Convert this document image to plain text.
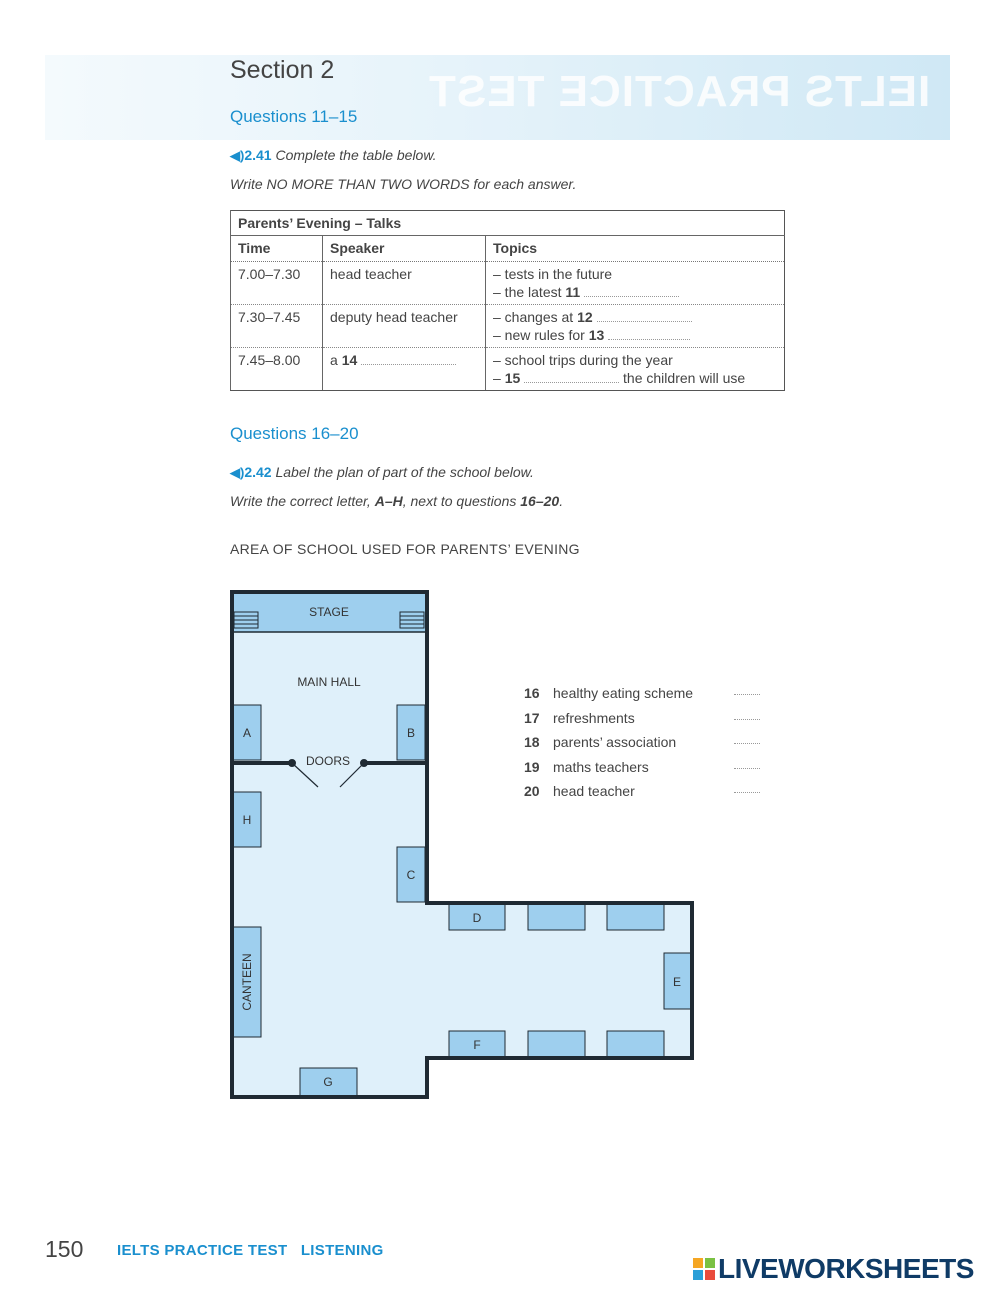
IELTS PRACTICE TEST
Section 2
Questions 11–15
◀)2.41 Complete the table below.
Write NO MORE THAN TWO WORDS for each answer.
Parents’ Evening – Talks		
Time	Speaker	Topics
7.00–7.30	head teacher	– tests in the future
– the latest 11

7.30–7.45	deputy head teacher	– changes at 12
– new rules for 13

7.45–8.00	a 14	– school trips during the year
– 15 the children will use
Questions 16–20
◀)2.42 Label the plan of part of the school below.
Write the correct letter, A–H, next to questions 16–20.
AREA OF SCHOOL USED FOR PARENTS’ EVENING
STAGE
MAIN HALL
A	B
H
C
CANTEEN
G
D
F
E
DOORS
16 healthy eating scheme
17 refreshments
18 parents’ association
19 maths teachers
20 head teacher
150 IELTS PRACTICE TEST LISTENING
LIVEWORKSHEETS
